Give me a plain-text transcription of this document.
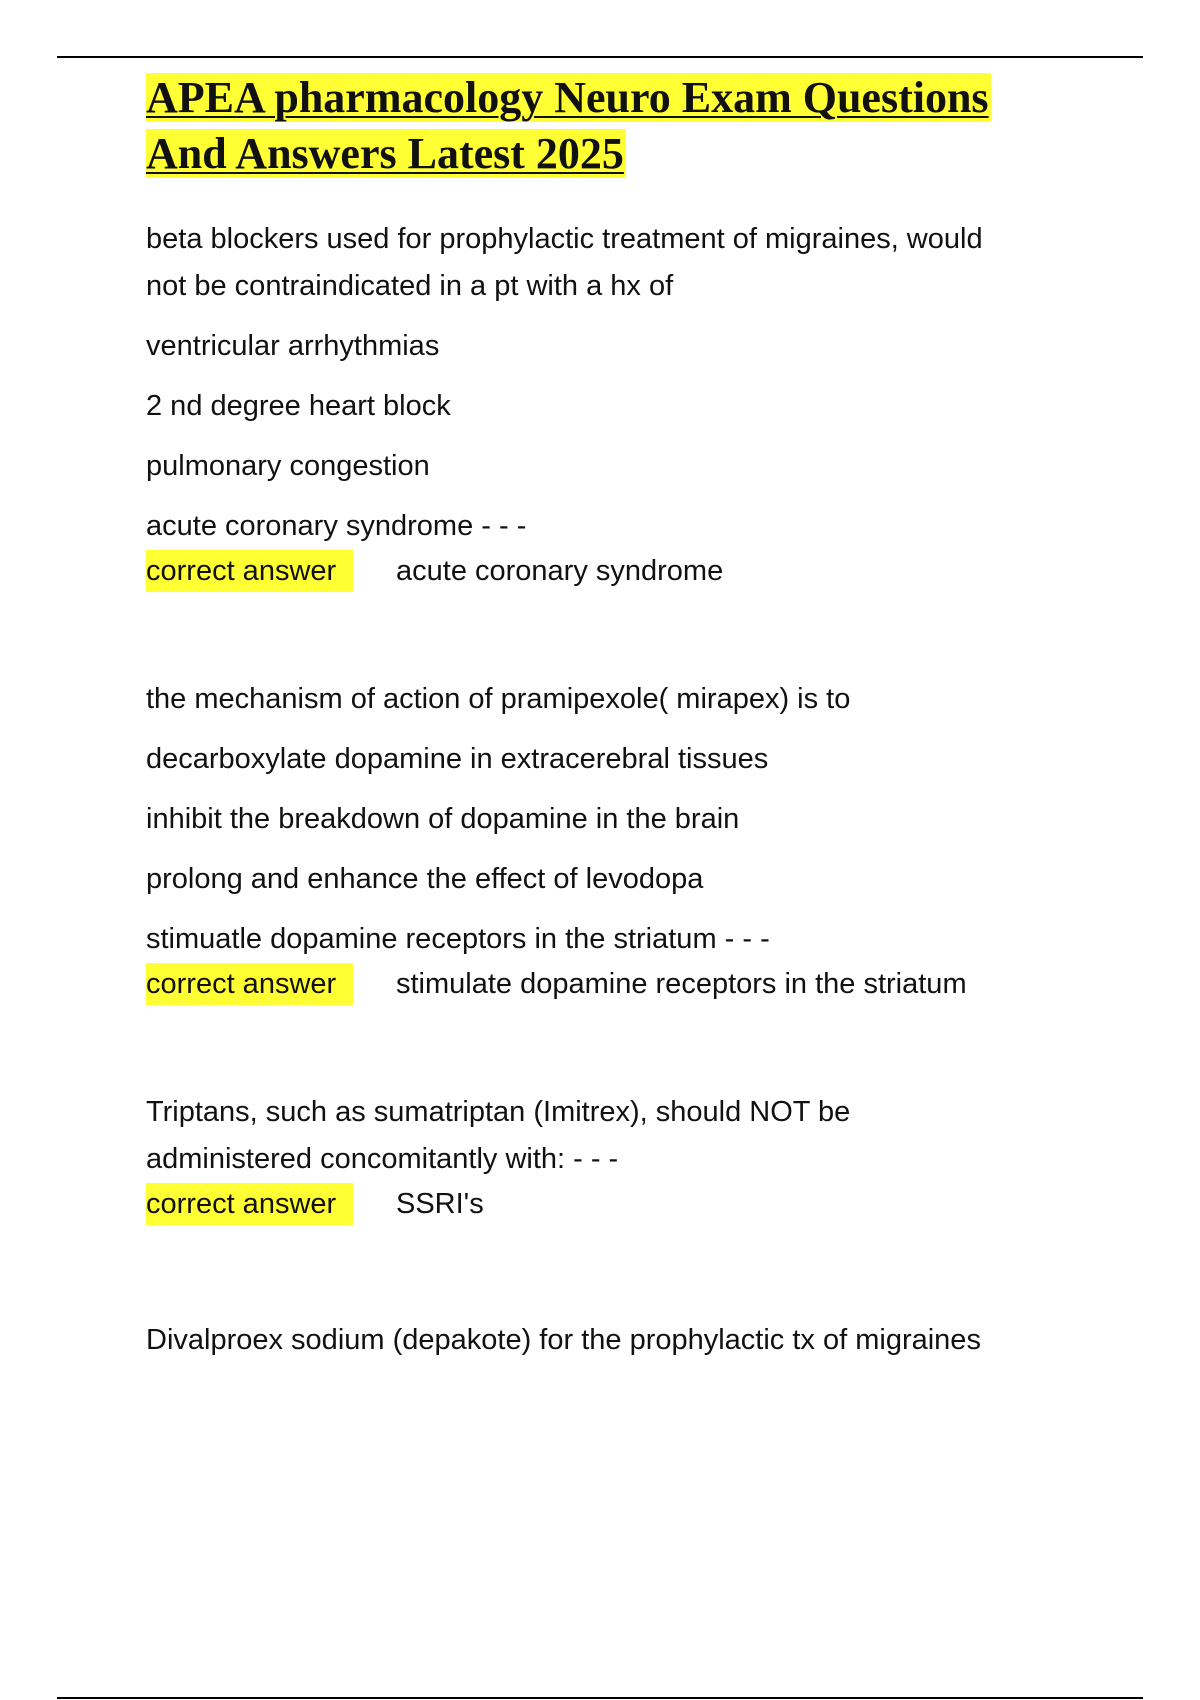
APEA pharmacology Neuro Exam Questions
And Answers Latest 2025

beta blockers used for prophylactic treatment of migraines, would
not be contraindicated in a pt with a hx of

ventricular arrhythmias

2 nd degree heart block

pulmonary congestion

acute coronary syndrome - - -

correct answer	acute coronary syndrome

the mechanism of action of pramipexole( mirapex) is to

decarboxylate dopamine in extracerebral tissues

inhibit the breakdown of dopamine in the brain

prolong and enhance the effect of levodopa

stimuatle dopamine receptors in the striatum - - -

correct answer	stimulate dopamine receptors in the striatum

Triptans, such as sumatriptan (Imitrex), should NOT be
administered concomitantly with: - - -

correct answer	SSRI's

Divalproex sodium (depakote) for the prophylactic tx of migraines
